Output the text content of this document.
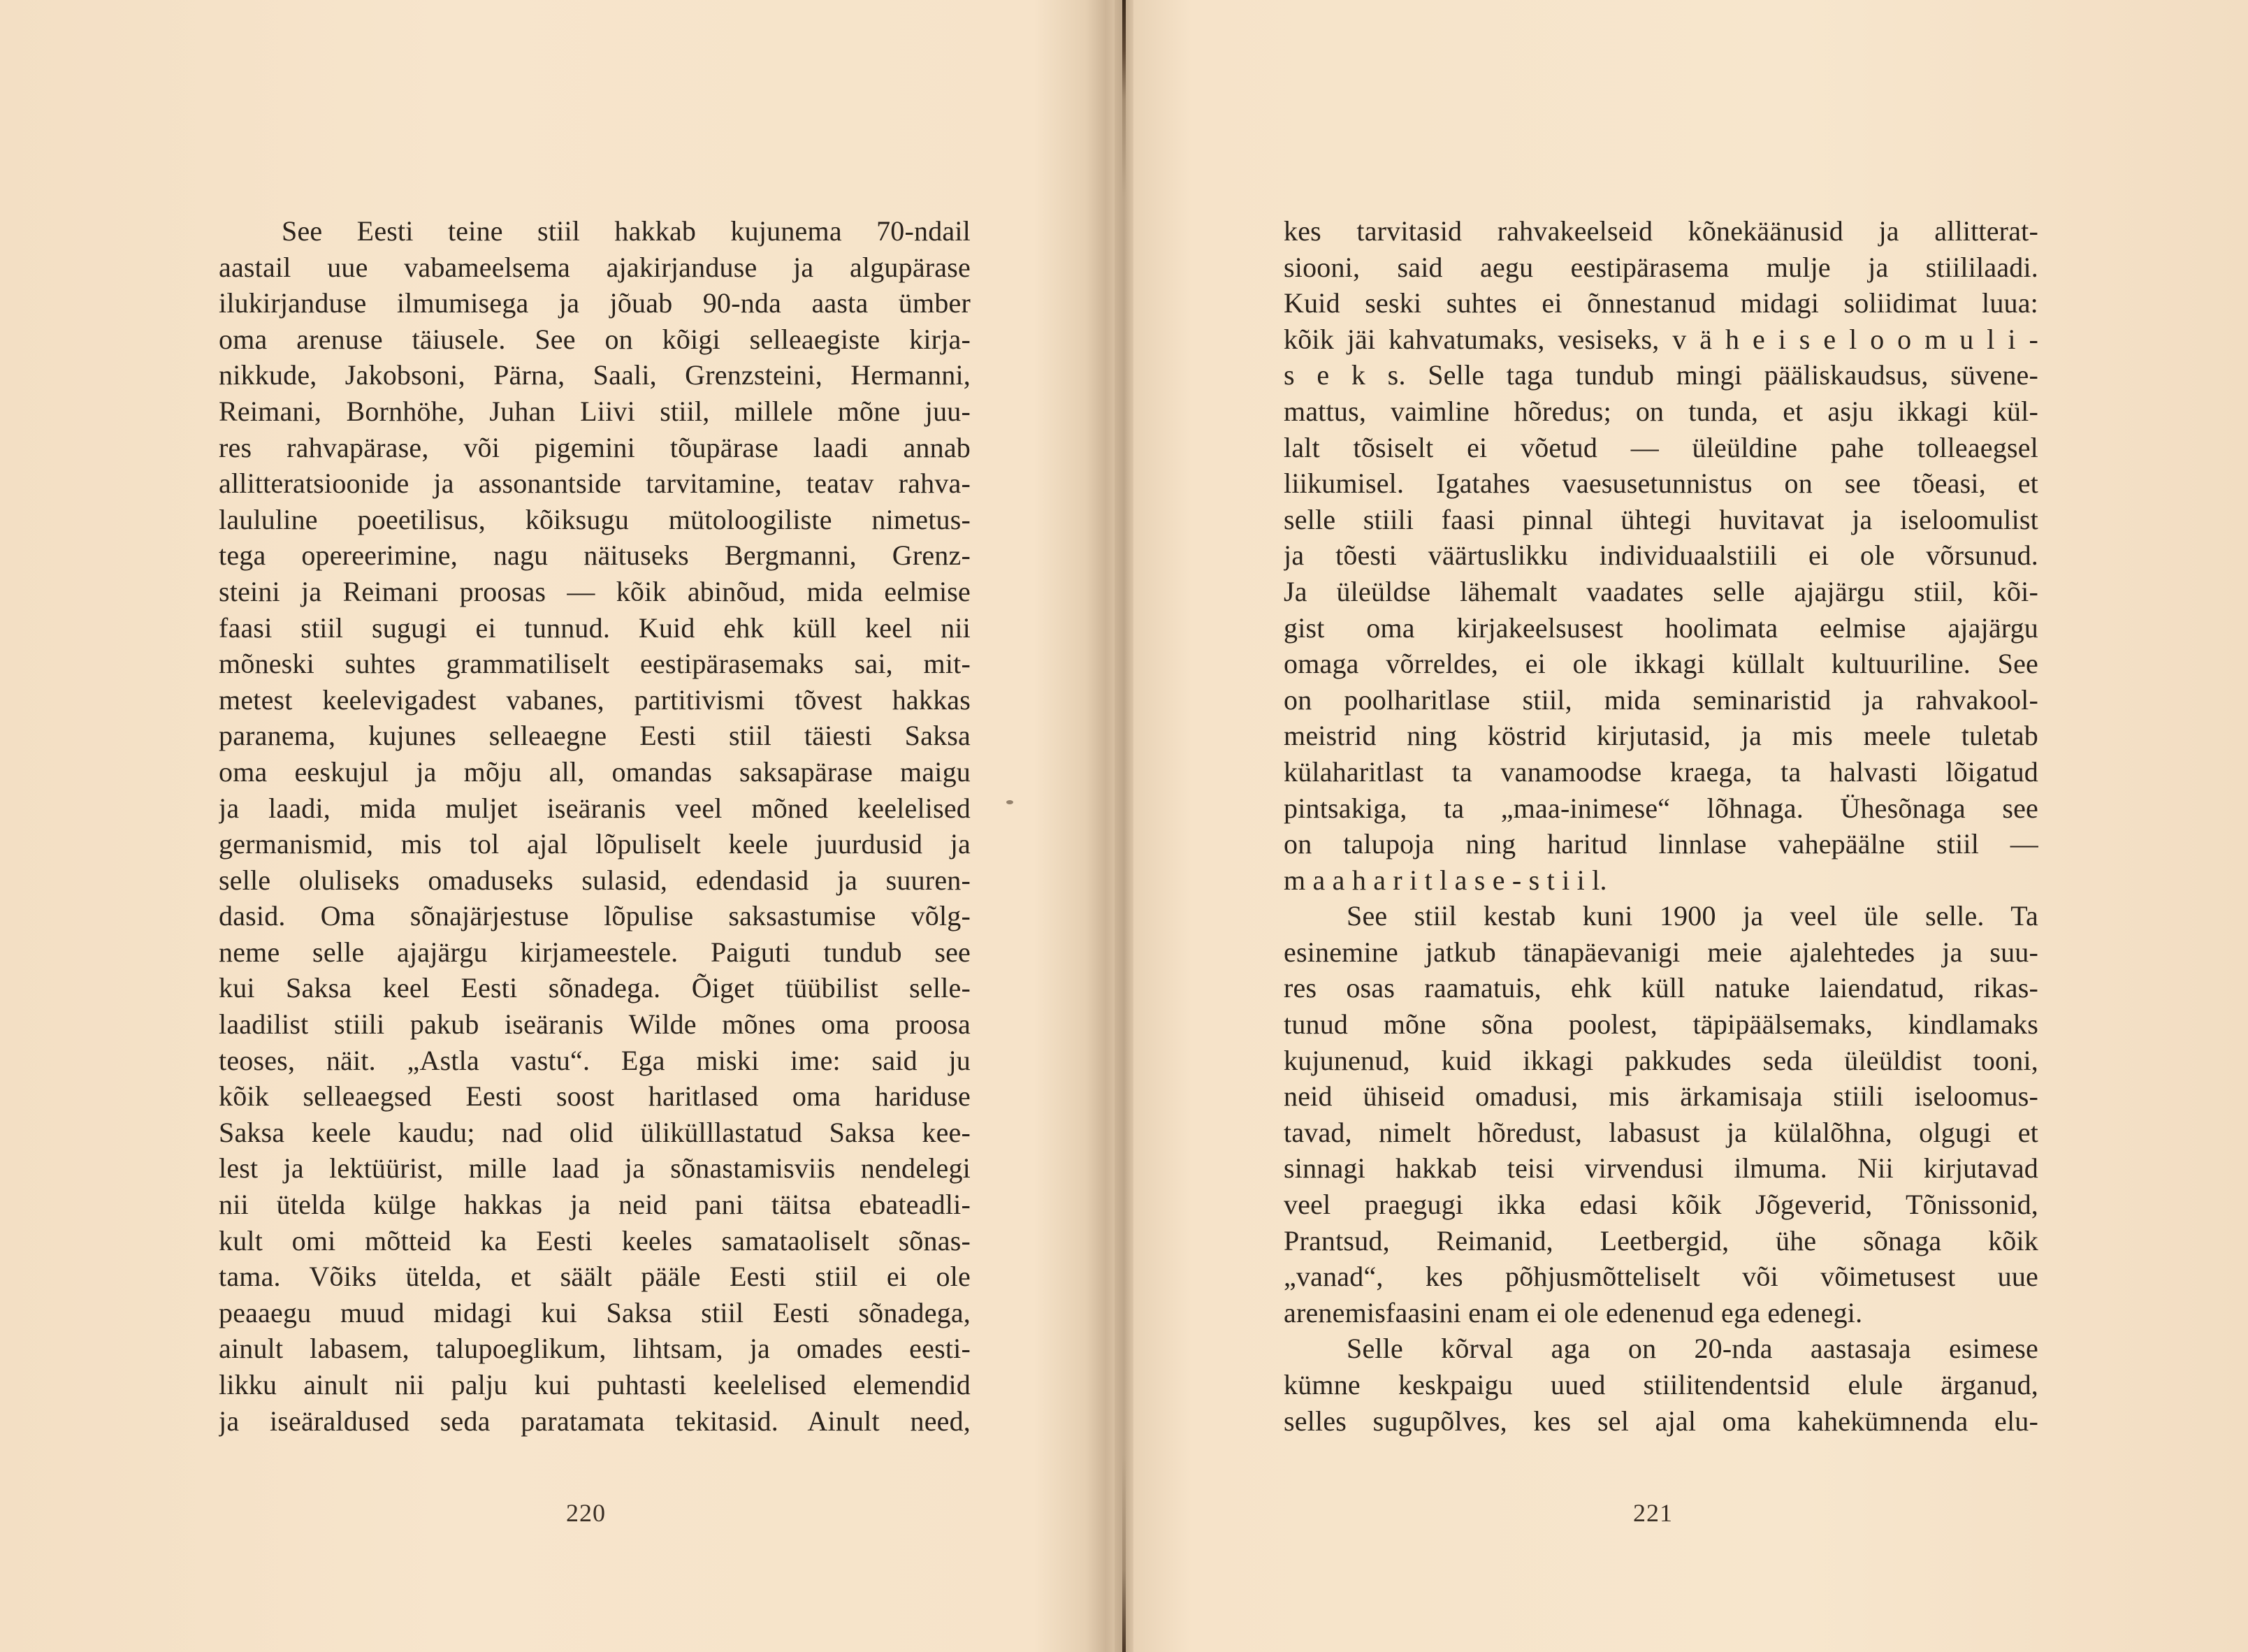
See Eesti teine stiil hakkab kujunema 70-ndail
aastail uue vabameelsema ajakirjanduse ja algupärase
ilukirjanduse ilmumisega ja jõuab 90-nda aasta ümber
oma arenuse täiusele. See on kõigi selleaegiste kirja-
nikkude, Jakobsoni, Pärna, Saali, Grenzsteini, Hermanni,
Reimani, Bornhöhe, Juhan Liivi stiil, millele mõne juu-
res rahvapärase, või pigemini tõupärase laadi annab
allitteratsioonide ja assonantside tarvitamine, teatav rahva-
laululine poeetilisus, kõiksugu mütoloogiliste nimetus-
tega opereerimine, nagu näituseks Bergmanni, Grenz-
steini ja Reimani proosas — kõik abinõud, mida eelmise
faasi stiil sugugi ei tunnud. Kuid ehk küll keel nii
mõneski suhtes grammatiliselt eestipärasemaks sai, mit-
metest keelevigadest vabanes, partitivismi tõvest hakkas
paranema, kujunes selleaegne Eesti stiil täiesti Saksa
oma eeskujul ja mõju all, omandas saksapärase maigu
ja laadi, mida muljet iseäranis veel mõned keelelised
germanismid, mis tol ajal lõpuliselt keele juurdusid ja
selle oluliseks omaduseks sulasid, edendasid ja suuren-
dasid. Oma sõnajärjestuse lõpulise saksastumise võlg-
neme selle ajajärgu kirjameestele. Paiguti tundub see
kui Saksa keel Eesti sõnadega. Õiget tüübilist selle-
laadilist stiili pakub iseäranis Wilde mõnes oma proosa
teoses, näit. „Astla vastu“. Ega miski ime: said ju
kõik selleaegsed Eesti soost haritlased oma hariduse
Saksa keele kaudu; nad olid ülikülllastatud Saksa kee-
lest ja lektüürist, mille laad ja sõnastamisviis nendelegi
nii ütelda külge hakkas ja neid pani täitsa ebateadli-
kult omi mõtteid ka Eesti keeles samataoliselt sõnas-
tama. Võiks ütelda, et säält pääle Eesti stiil ei ole
peaaegu muud midagi kui Saksa stiil Eesti sõnadega,
ainult labasem, talupoeglikum, lihtsam, ja omades eesti-
likku ainult nii palju kui puhtasti keelelised elemendid
ja iseäraldused seda paratamata tekitasid. Ainult need,
220
kes tarvitasid rahvakeelseid kõnekäänusid ja allitterat-
siooni, said aegu eestipärasema mulje ja stiililaadi.
Kuid seski suhtes ei õnnestanud midagi soliidimat luua:
kõik jäi kahvatumaks, vesiseks, v ä h e i s e l o o m u l i -
s e k s. Selle taga tundub mingi pääliskaudsus, süvene-
mattus, vaimline hõredus; on tunda, et asju ikkagi kül-
lalt tõsiselt ei võetud — üleüldine pahe tolleaegsel
liikumisel. Igatahes vaesusetunnistus on see tõeasi, et
selle stiili faasi pinnal ühtegi huvitavat ja iseloomulist
ja tõesti väärtuslikku individuaalstiili ei ole võrsunud.
Ja üleüldse lähemalt vaadates selle ajajärgu stiil, kõi-
gist oma kirjakeelsusest hoolimata eelmise ajajärgu
omaga võrreldes, ei ole ikkagi küllalt kultuuriline. See
on poolharitlase stiil, mida seminaristid ja rahvakool-
meistrid ning köstrid kirjutasid, ja mis meele tuletab
külaharitlast ta vanamoodse kraega, ta halvasti lõigatud
pintsakiga, ta „maa-inimese“ lõhnaga. Ühesõnaga see
on talupoja ning haritud linnlase vahepäälne stiil —
m a a h a r i t l a s e - s t i i l.
See stiil kestab kuni 1900 ja veel üle selle. Ta
esinemine jatkub tänapäevanigi meie ajalehtedes ja suu-
res osas raamatuis, ehk küll natuke laiendatud, rikas-
tunud mõne sõna poolest, täpipäälsemaks, kindlamaks
kujunenud, kuid ikkagi pakkudes seda üleüldist tooni,
neid ühiseid omadusi, mis ärkamisaja stiili iseloomus-
tavad, nimelt hõredust, labasust ja külalõhna, olgugi et
sinnagi hakkab teisi virvendusi ilmuma. Nii kirjutavad
veel praegugi ikka edasi kõik Jõgeverid, Tõnissonid,
Prantsud, Reimanid, Leetbergid, ühe sõnaga kõik
„vanad“, kes põhjusmõtteliselt või võimetusest uue
arenemisfaasini enam ei ole edenenud ega edenegi.
Selle kõrval aga on 20-nda aastasaja esimese
kümne keskpaigu uued stiilitendentsid elule ärganud,
selles sugupõlves, kes sel ajal oma kahekümnenda elu-
221
